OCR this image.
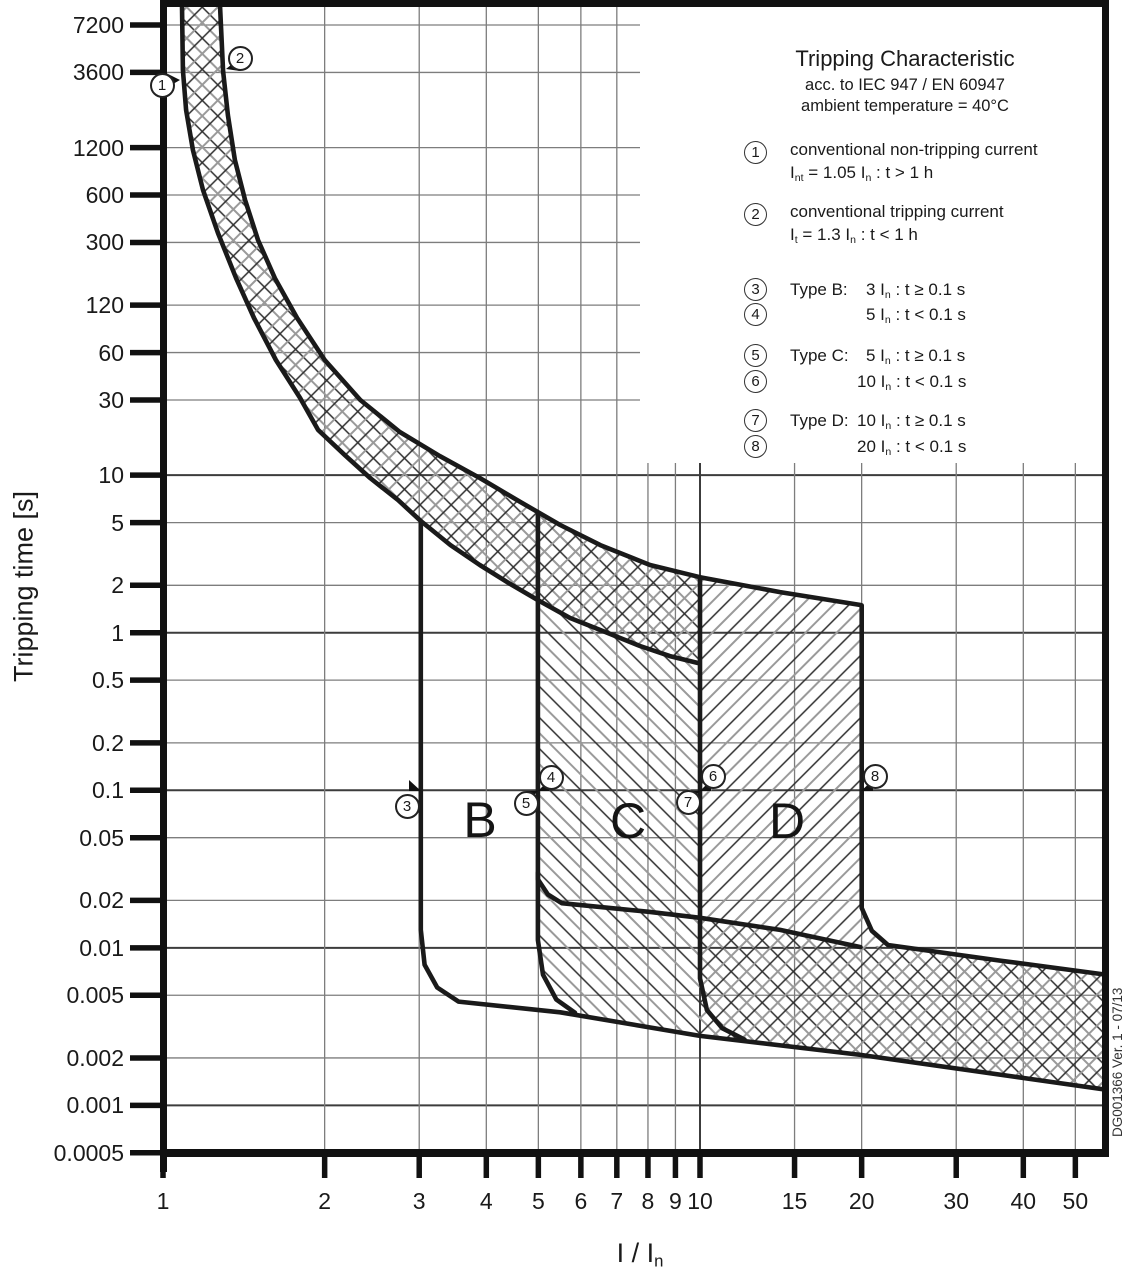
Tripping time [s]
I / $I_n$
DG001366 Ver. 1 - 07/13
7200
3600
1200
600
300
120
60
30
10
5
2
1
0.5
0.2
0.1
0.05
0.02
0.01
0.005
0.002
0.001
0.0005
1	2	3	4	5	6	7 8 9 10	15	20	30	40	50
B	C	D
1
2
3
4
5
6
7
8
Tripping Characteristic
acc. to IEC 947 / EN 60947
ambient temperature = 40°C
1	conventional non-tripping current
$I_{nt} = 1.05$ $I_n$ : t > 1 h
2	conventional tripping current
$I_t = 1.3$ $I_n$ : t < 1 h
3	Type B: 3 $I_n$ : t ≥ 0.1 s
4	5 $I_n$ : t < 0.1 s
5	Type C: 5 $I_n$ : t ≥ 0.1 s
6	10 $I_n$ : t < 0.1 s
7	Type D: 10 $I_n$ : t ≥ 0.1 s
8	20 $I_n$ : t < 0.1 s
